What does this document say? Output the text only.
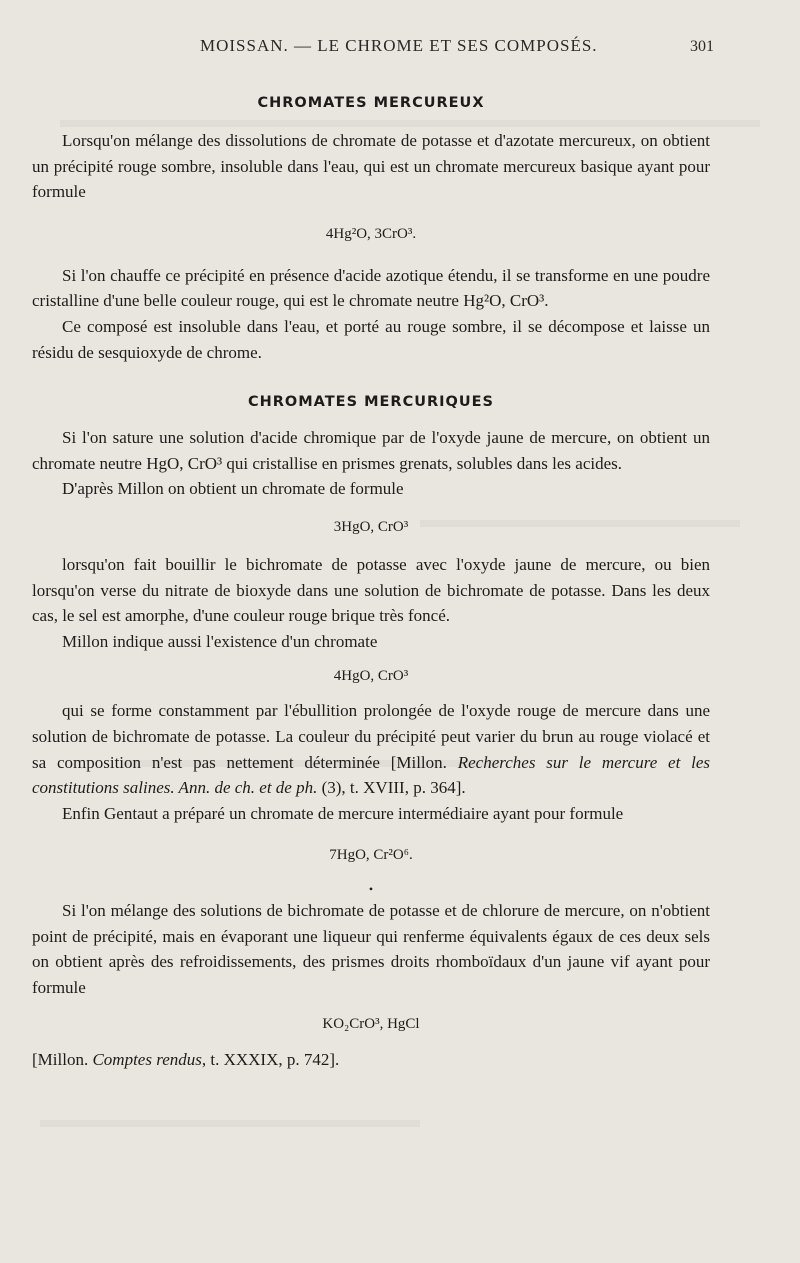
MOISSAN. — LE CHROME ET SES COMPOSÉS.	301
CHROMATES MERCUREUX

Lorsqu'on mélange des dissolutions de chromate de potasse et d'azotate mercureux, on obtient un précipité rouge sombre, insoluble dans l'eau, qui est un chromate mercureux basique ayant pour formule

4Hg²O, 3CrO³.

Si l'on chauffe ce précipité en présence d'acide azotique étendu, il se transforme en une poudre cristalline d'une belle couleur rouge, qui est le chromate neutre Hg²O, CrO³.

Ce composé est insoluble dans l'eau, et porté au rouge sombre, il se décompose et laisse un résidu de sesquioxyde de chrome.

CHROMATES MERCURIQUES

Si l'on sature une solution d'acide chromique par de l'oxyde jaune de mercure, on obtient un chromate neutre HgO, CrO³ qui cristallise en prismes grenats, solubles dans les acides.

D'après Millon on obtient un chromate de formule

3HgO, CrO³

lorsqu'on fait bouillir le bichromate de potasse avec l'oxyde jaune de mercure, ou bien lorsqu'on verse du nitrate de bioxyde dans une solution de bichromate de potasse. Dans les deux cas, le sel est amorphe, d'une couleur rouge brique très foncé.

Millon indique aussi l'existence d'un chromate

4HgO, CrO³

qui se forme constamment par l'ébullition prolongée de l'oxyde rouge de mercure dans une solution de bichromate de potasse. La couleur du précipité peut varier du brun au rouge violacé et sa composition n'est pas nettement déterminée [Millon. Recherches sur le mercure et les constitutions salines. Ann. de ch. et de ph. (3), t. XVIII, p. 364].

Enfin Gentaut a préparé un chromate de mercure intermédiaire ayant pour formule

7HgO, Cr²O⁶.
•

Si l'on mélange des solutions de bichromate de potasse et de chlorure de mercure, on n'obtient point de précipité, mais en évaporant une liqueur qui renferme équivalents égaux de ces deux sels on obtient après des refroidissements, des prismes droits rhomboïdaux d'un jaune vif ayant pour formule

KO₂CrO³, HgCl

[Millon. Comptes rendus, t. XXXIX, p. 742].
